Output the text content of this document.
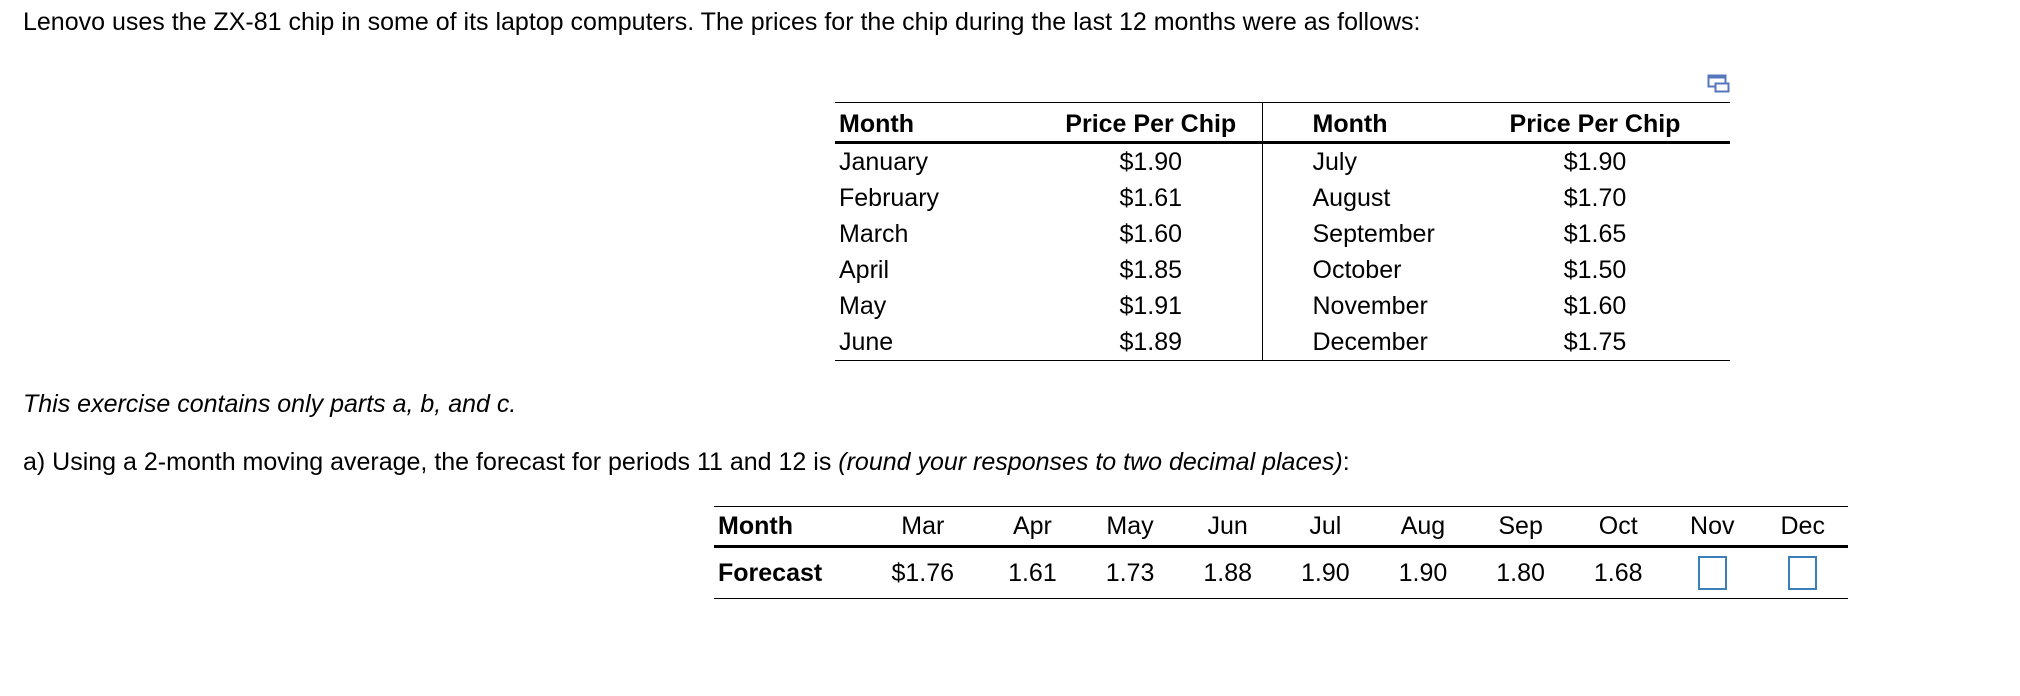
Lenovo uses the ZX-81 chip in some of its laptop computers. The prices for the chip during the last 12 months were as follows:
Month	Price Per Chip	Month	Price Per Chip
January	$1.90	July	$1.90
February	$1.61	August	$1.70
March	$1.60	September	$1.65
April	$1.85	October	$1.50
May	$1.91	November	$1.60
June	$1.89	December	$1.75
This exercise contains only parts a, b, and c.
a) Using a 2-month moving average, the forecast for periods 11 and 12 is (round your responses to two decimal places):
Month	Mar	Apr	May	Jun	Jul	Aug	Sep	Oct	Nov	Dec
Forecast	$1.76	1.61	1.73	1.88	1.90	1.90	1.80	1.68		
